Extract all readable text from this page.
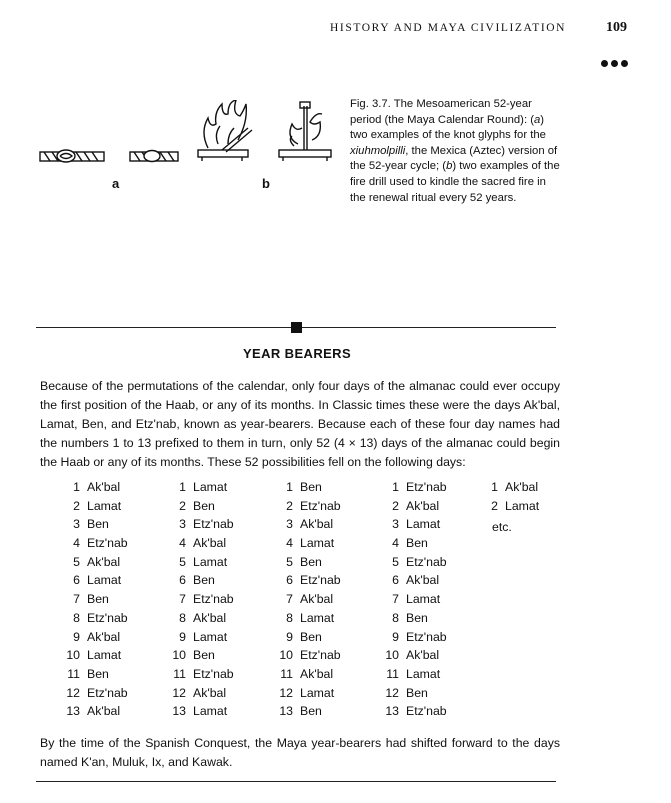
HISTORY AND MAYA CIVILIZATION	109
a	b
Fig. 3.7. The Mesoamerican 52-year period (the Maya Calendar Round): (a) two examples of the knot glyphs for the xiuhmolpilli, the Mexica (Aztec) version of the 52-year cycle; (b) two examples of the fire drill used to kindle the sacred fire in the renewal ritual every 52 years.
YEAR BEARERS
Because of the permutations of the calendar, only four days of the almanac could ever occupy the first position of the Haab, or any of its months. In Classic times these were the days Ak'bal, Lamat, Ben, and Etz'nab, known as year-bearers. Because each of these four day names had the numbers 1 to 13 prefixed to them in turn, only 52 (4 × 13) days of the almanac could begin the Haab or any of its months. These 52 possibilities fell on the following days:
1 Ak'bal
2 Lamat
3 Ben
4 Etz'nab
5 Ak'bal
6 Lamat
7 Ben
8 Etz'nab
9 Ak'bal
10 Lamat
11 Ben
12 Etz'nab
13 Ak'bal
1 Lamat
2 Ben
3 Etz'nab
4 Ak'bal
5 Lamat
6 Ben
7 Etz'nab
8 Ak'bal
9 Lamat
10 Ben
11 Etz'nab
12 Ak'bal
13 Lamat
1 Ben
2 Etz'nab
3 Ak'bal
4 Lamat
5 Ben
6 Etz'nab
7 Ak'bal
8 Lamat
9 Ben
10 Etz'nab
11 Ak'bal
12 Lamat
13 Ben
1 Etz'nab
2 Ak'bal
3 Lamat
4 Ben
5 Etz'nab
6 Ak'bal
7 Lamat
8 Ben
9 Etz'nab
10 Ak'bal
11 Lamat
12 Ben
13 Etz'nab
1 Ak'bal
2 Lamat
etc.
By the time of the Spanish Conquest, the Maya year-bearers had shifted forward to the days named K'an, Muluk, Ix, and Kawak.
